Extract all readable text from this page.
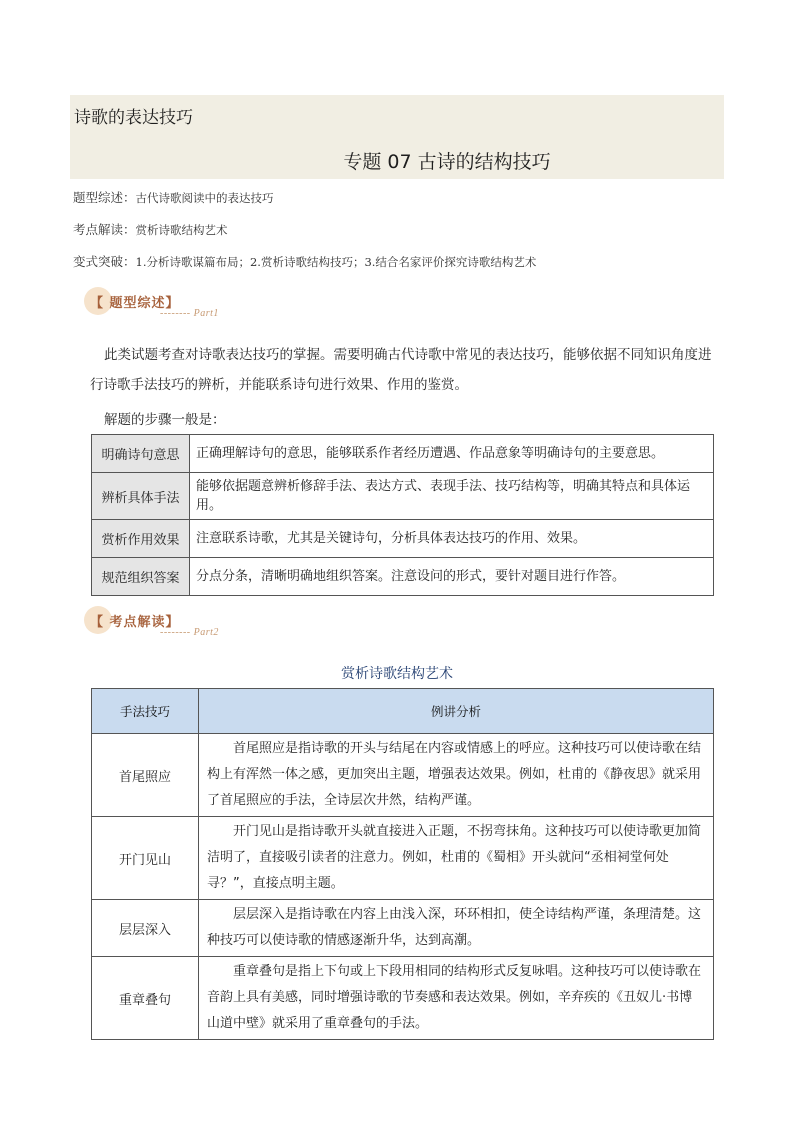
诗歌的表达技巧
专题 07 古诗的结构技巧
题型综述：古代诗歌阅读中的表达技巧
考点解读：赏析诗歌结构艺术
变式突破：1.分析诗歌谋篇布局；2.赏析诗歌结构技巧；3.结合名家评价探究诗歌结构艺术
【 题型综述】
-------- Part1
此类试题考查对诗歌表达技巧的掌握。需要明确古代诗歌中常见的表达技巧，能够依据不同知识角度进行诗歌手法技巧的辨析，并能联系诗句进行效果、作用的鉴赏。
解题的步骤一般是：
明确诗句意思	正确理解诗句的意思，能够联系作者经历遭遇、作品意象等明确诗句的主要意思。
辨析具体手法	能够依据题意辨析修辞手法、表达方式、表现手法、技巧结构等，明确其特点和具体运用。
赏析作用效果	注意联系诗歌，尤其是关键诗句，分析具体表达技巧的作用、效果。
规范组织答案	分点分条，清晰明确地组织答案。注意设问的形式，要针对题目进行作答。
【 考点解读】
-------- Part2
赏析诗歌结构艺术
手法技巧	例讲分析
首尾照应	首尾照应是指诗歌的开头与结尾在内容或情感上的呼应。这种技巧可以使诗歌在结构上有浑然一体之感，更加突出主题，增强表达效果。例如，杜甫的《静夜思》就采用了首尾照应的手法，全诗层次井然，结构严谨。
开门见山	开门见山是指诗歌开头就直接进入正题，不拐弯抹角。这种技巧可以使诗歌更加简洁明了，直接吸引读者的注意力。例如，杜甫的《蜀相》开头就问“丞相祠堂何处寻？”，直接点明主题。
层层深入	层层深入是指诗歌在内容上由浅入深，环环相扣，使全诗结构严谨，条理清楚。这种技巧可以使诗歌的情感逐渐升华，达到高潮。
重章叠句	重章叠句是指上下句或上下段用相同的结构形式反复咏唱。这种技巧可以使诗歌在音韵上具有美感，同时增强诗歌的节奏感和表达效果。例如，辛弃疾的《丑奴儿·书博山道中壁》就采用了重章叠句的手法。
